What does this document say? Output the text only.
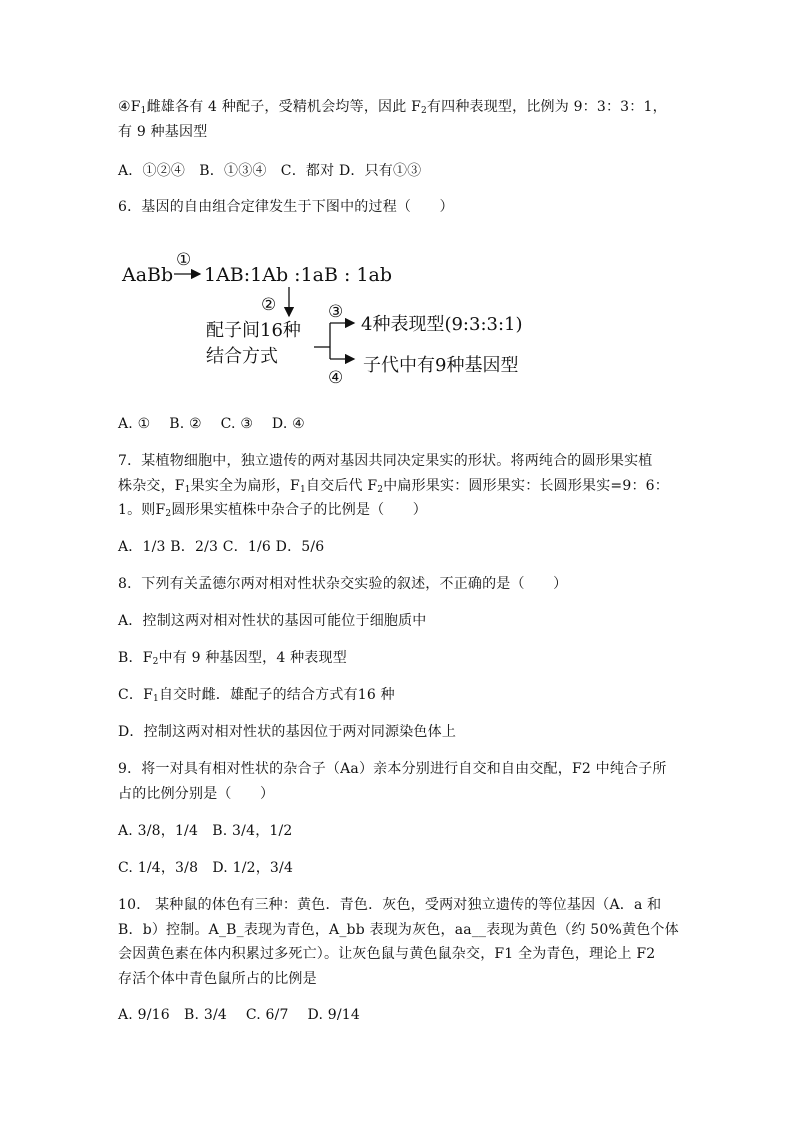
$④F_1$雌雄各有 4 种配子，受精机会均等，因此 $F_2$有四种表现型，比例为 9：3：3：1，
有 9 种基因型
A．①②④　B．①③④　C．都对 D．只有①③
6．基因的自由组合定律发生于下图中的过程（　　）
AaBb
①
1AB:1Ab :1aB : 1ab
②
配子间16种
结合方式
③
4种表现型(9:3:3:1)
④
子代中有9种基因型
A. ①　 B. ②　 C. ③　 D. ④
7．某植物细胞中，独立遗传的两对基因共同决定果实的形状。将两纯合的圆形果实植
株杂交，$F_1$果实全为扁形，$F_1$自交后代 $F_2$中扁形果实：圆形果实：长圆形果实=9：6：
1。则$F_2$圆形果实植株中杂合子的比例是（　　）
A．1/3 B．2/3 C．1/6 D．5/6
8．下列有关孟德尔两对相对性状杂交实验的叙述，不正确的是（　　）
A．控制这两对相对性状的基因可能位于细胞质中
B．$F_2$中有 9 种基因型，4 种表现型
C．$F_1$自交时雌．雄配子的结合方式有16 种
D．控制这两对相对性状的基因位于两对同源染色体上
9．将一对具有相对性状的杂合子（Aa）亲本分别进行自交和自由交配，F2 中纯合子所
占的比例分别是（　　）
A. 3/8，1/4　B. 3/4，1/2
C. 1/4，3/8　D. 1/2，3/4
10． 某种鼠的体色有三种：黄色．青色．灰色，受两对独立遗传的等位基因（A．a 和
B．b）控制。A_B_表现为青色，A_bb 表现为灰色，aa__表现为黄色（约 50%黄色个体
会因黄色素在体内积累过多死亡）。让灰色鼠与黄色鼠杂交，F1 全为青色，理论上 F2
存活个体中青色鼠所占的比例是
A. 9/16　B. 3/4　 C. 6/7　 D. 9/14
